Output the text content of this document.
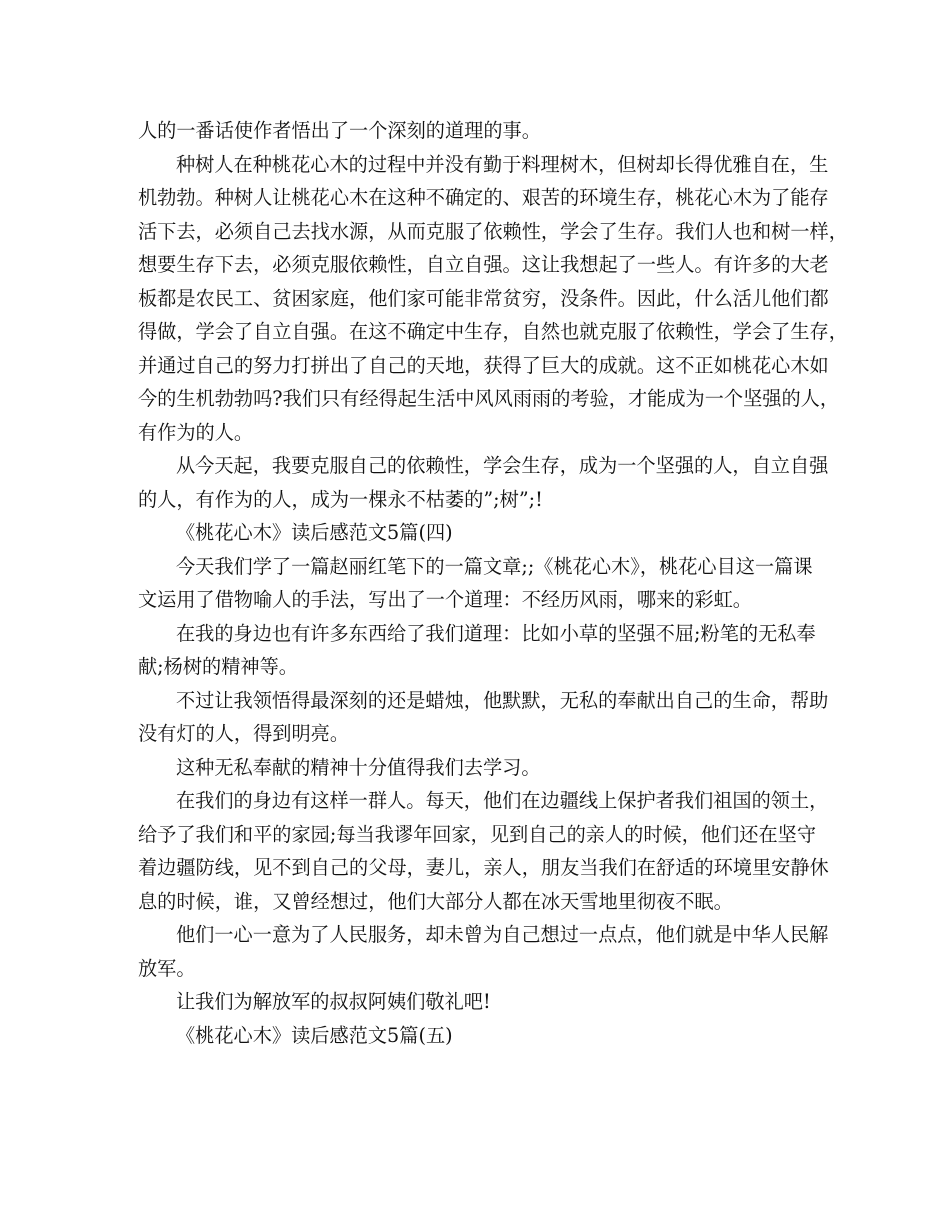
人的一番话使作者悟出了一个深刻的道理的事。

种树人在种桃花心木的过程中并没有勤于料理树木，但树却长得优雅自在，生
机勃勃。种树人让桃花心木在这种不确定的、艰苦的环境生存，桃花心木为了能存
活下去，必须自己去找水源，从而克服了依赖性，学会了生存。我们人也和树一样，
想要生存下去，必须克服依赖性，自立自强。这让我想起了一些人。有许多的大老
板都是农民工、贫困家庭，他们家可能非常贫穷，没条件。因此，什么活儿他们都
得做，学会了自立自强。在这不确定中生存，自然也就克服了依赖性，学会了生存，
并通过自己的努力打拼出了自己的天地，获得了巨大的成就。这不正如桃花心木如
今的生机勃勃吗?我们只有经得起生活中风风雨雨的考验，才能成为一个坚强的人，
有作为的人。

从今天起，我要克服自己的依赖性，学会生存，成为一个坚强的人，自立自强
的人，有作为的人，成为一棵永不枯萎的”;树”;!

《桃花心木》读后感范文5篇(四)

今天我们学了一篇赵丽红笔下的一篇文章;;《桃花心木》，桃花心目这一篇课
文运用了借物喻人的手法，写出了一个道理：不经历风雨，哪来的彩虹。

在我的身边也有许多东西给了我们道理：比如小草的坚强不屈;粉笔的无私奉
献;杨树的精神等。

不过让我领悟得最深刻的还是蜡烛，他默默，无私的奉献出自己的生命，帮助
没有灯的人，得到明亮。

这种无私奉献的精神十分值得我们去学习。

在我们的身边有这样一群人。每天，他们在边疆线上保护者我们祖国的领土，
给予了我们和平的家园;每当我谬年回家，见到自己的亲人的时候，他们还在坚守
着边疆防线，见不到自己的父母，妻儿，亲人，朋友当我们在舒适的环境里安静休
息的时候，谁，又曾经想过，他们大部分人都在冰天雪地里彻夜不眠。

他们一心一意为了人民服务，却未曾为自己想过一点点，他们就是中华人民解
放军。

让我们为解放军的叔叔阿姨们敬礼吧!

《桃花心木》读后感范文5篇(五)
